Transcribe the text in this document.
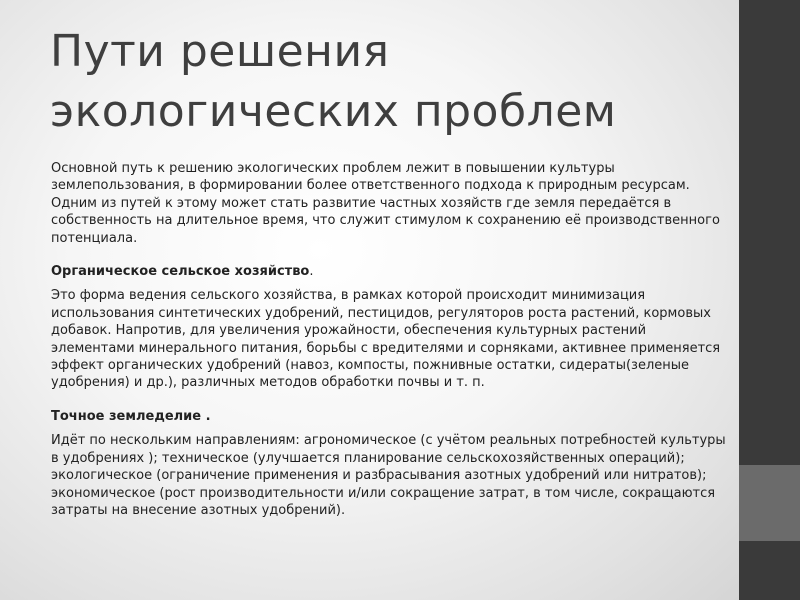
Пути решения
экологических проблем

Основной путь к решению экологических проблем лежит в повышении культуры землепользования, в формировании более ответственного подхода к природным ресурсам. Одним из путей к этому может стать развитие частных хозяйств где земля передаётся в собственность на длительное время, что служит стимулом к сохранению её производственного потенциала.

Органическое сельское хозяйство.

Это форма ведения сельского хозяйства, в рамках которой происходит минимизация использования синтетических удобрений, пестицидов, регуляторов роста растений, кормовых добавок. Напротив, для увеличения урожайности, обеспечения культурных растений элементами минерального питания, борьбы с вредителями и сорняками, активнее применяется эффект органических удобрений (навоз, компосты, пожнивные остатки, сидераты(зеленые удобрения) и др.), различных методов обработки почвы и т. п.

Точное земледелие .

Идёт по нескольким направлениям: агрономическое (с учётом реальных потребностей культуры в удобрениях ); техническое (улучшается планирование сельскохозяйственных операций); экологическое (ограничение применения и разбрасывания азотных удобрений или нитратов); экономическое (рост производительности и/или сокращение затрат, в том числе, сокращаются затраты на внесение азотных удобрений).
